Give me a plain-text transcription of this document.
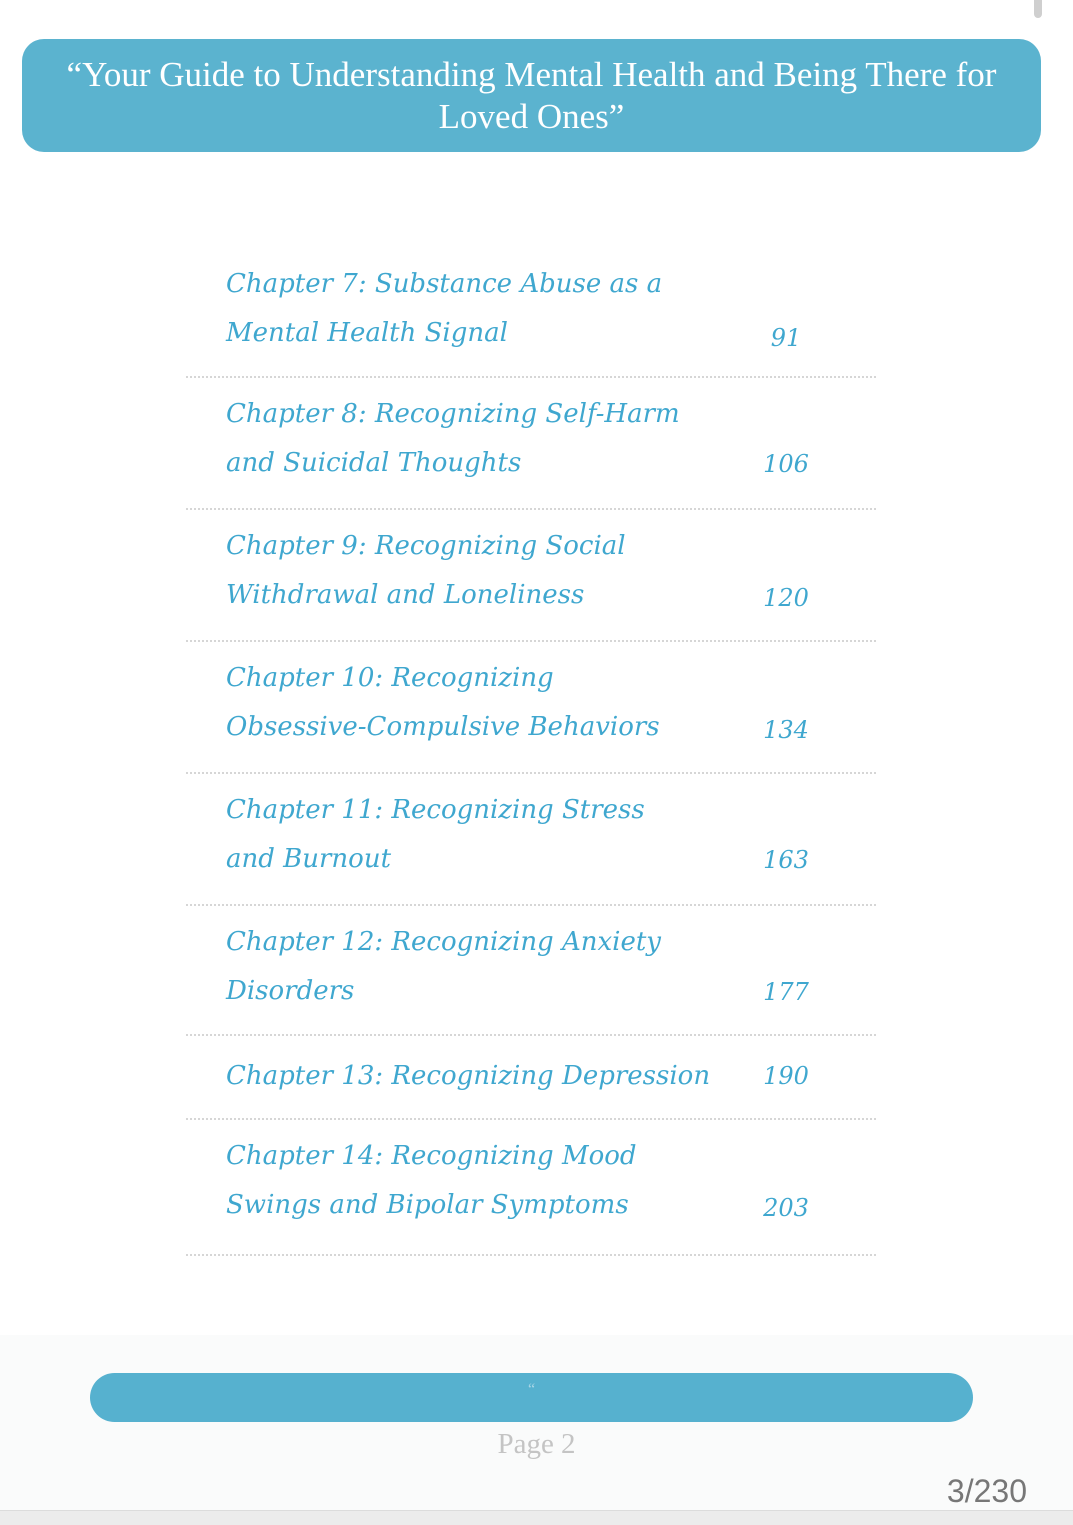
“Your Guide to Understanding Mental Health and Being There for Loved Ones”
Chapter 7: Substance Abuse as a Mental Health Signal	91
Chapter 8: Recognizing Self-Harm and Suicidal Thoughts	106
Chapter 9: Recognizing Social Withdrawal and Loneliness	120
Chapter 10: Recognizing Obsessive-Compulsive Behaviors	134
Chapter 11: Recognizing Stress and Burnout	163
Chapter 12: Recognizing Anxiety Disorders	177
Chapter 13: Recognizing Depression	190
Chapter 14: Recognizing Mood Swings and Bipolar Symptoms	203
“
Page 2
3/230
